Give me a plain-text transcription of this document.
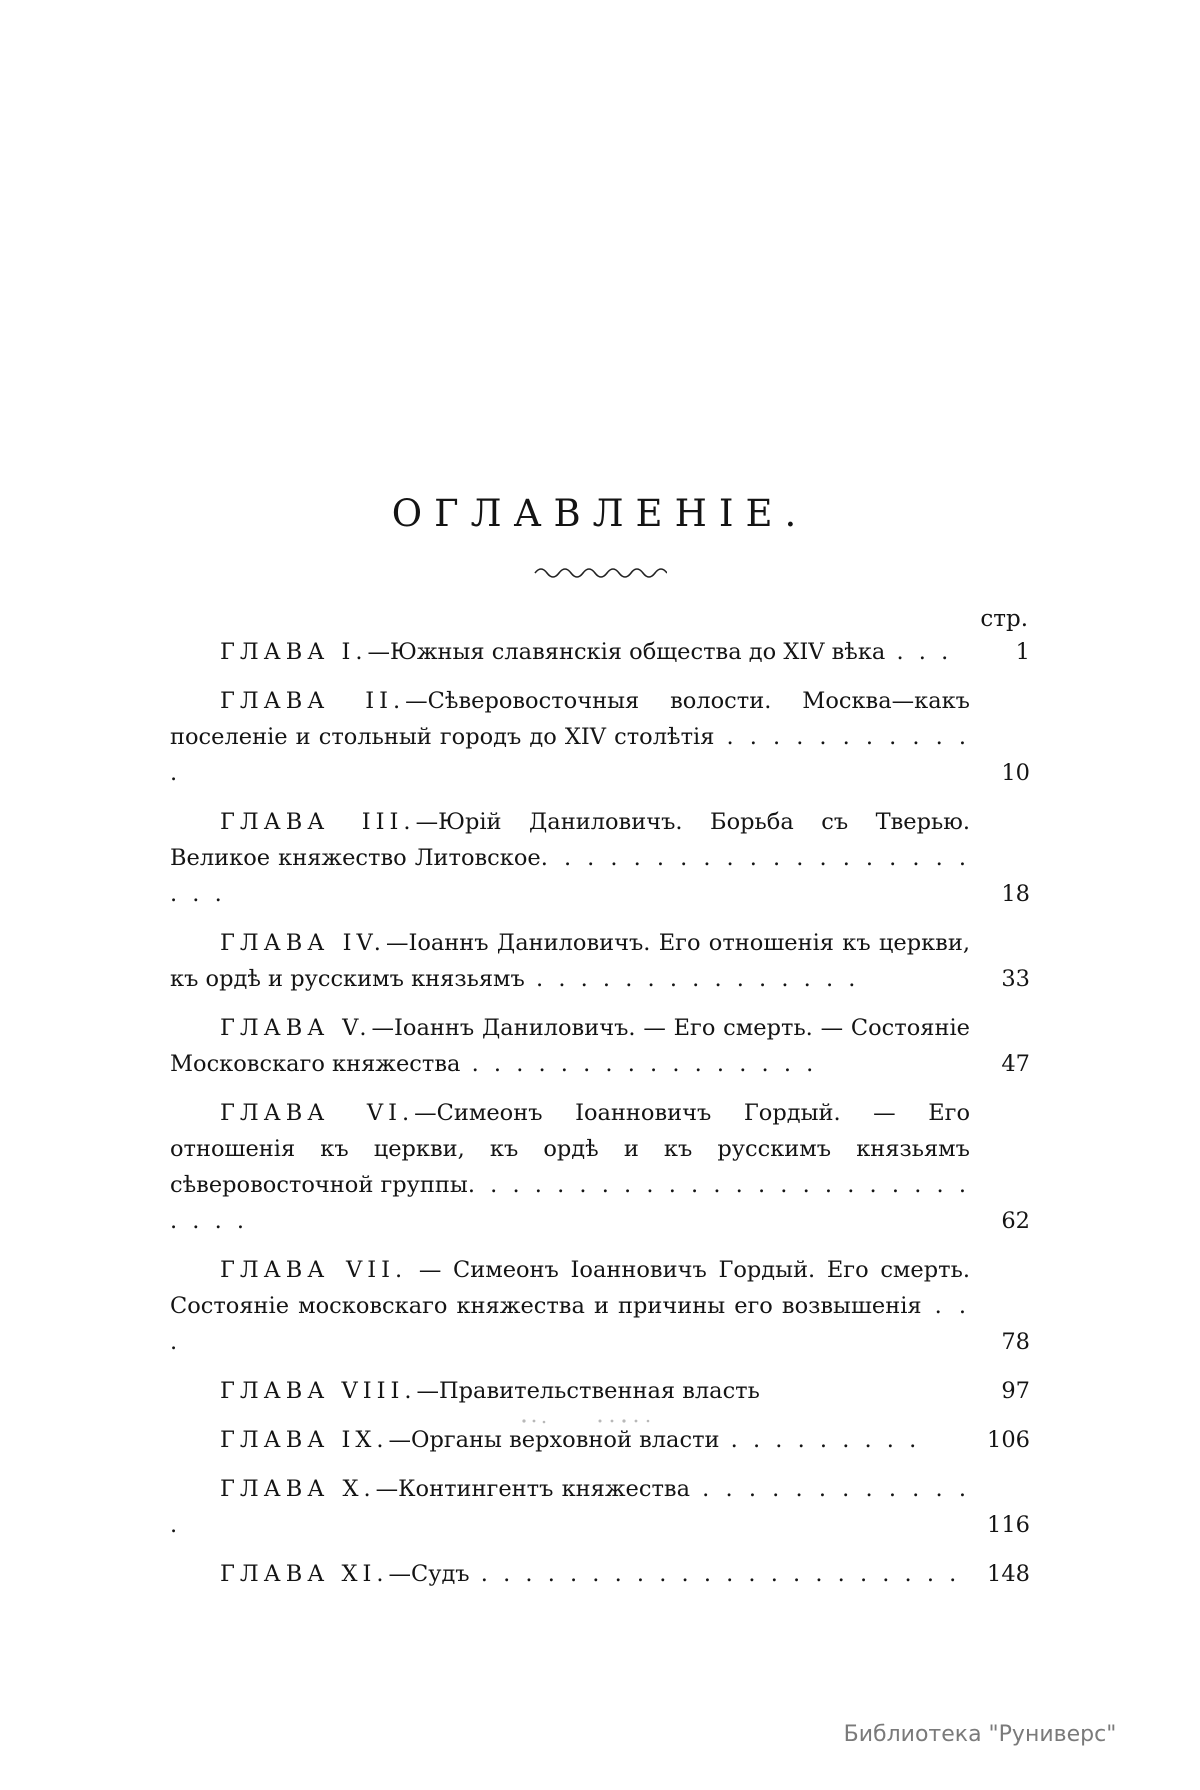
ОГЛАВЛЕНІЕ.
стр.
ГЛАВА I.—Южныя славянскія общества до XIV вѣка . . .	1
ГЛАВА II.—Сѣверовосточныя волости. Москва—какъ поселеніе и стольный городъ до XIV столѣтія . . . . . . . . . . . .	10
ГЛАВА III.—Юрій Даниловичъ. Борьба съ Тверью. Великое княжество Литовское. . . . . . . . . . . . . . . . . . . . . .	18
ГЛАВА IV.—Іоаннъ Даниловичъ. Его отношенія къ церкви, къ ордѣ и русскимъ князьямъ . . . . . . . . . . . . . . .	33
ГЛАВА V.—Іоаннъ Даниловичъ. — Его смерть. — Состояніе Московскаго княжества . . . . . . . . . . . . . . . .	47
ГЛАВА VI.—Симеонъ Іоанновичъ Гордый. — Его отношенія къ церкви, къ ордѣ и къ русскимъ князьямъ сѣверовосточной группы. . . . . . . . . . . . . . . . . . . . . . . . . . .	62
ГЛАВА VII. — Симеонъ Іоанновичъ Гордый. Его смерть. Состояніе московскаго княжества и причины его возвышенія . . .	78
ГЛАВА VIII.—Правительственная власть	97
ГЛАВА IX.—Органы верховной власти . . . . . . . . .	106
ГЛАВА X.—Контингентъ княжества . . . . . . . . . . . . .	116
ГЛАВА XI.—Судъ . . . . . . . . . . . . . . . . . . . . . .	148
Библиотека "Руниверс"
